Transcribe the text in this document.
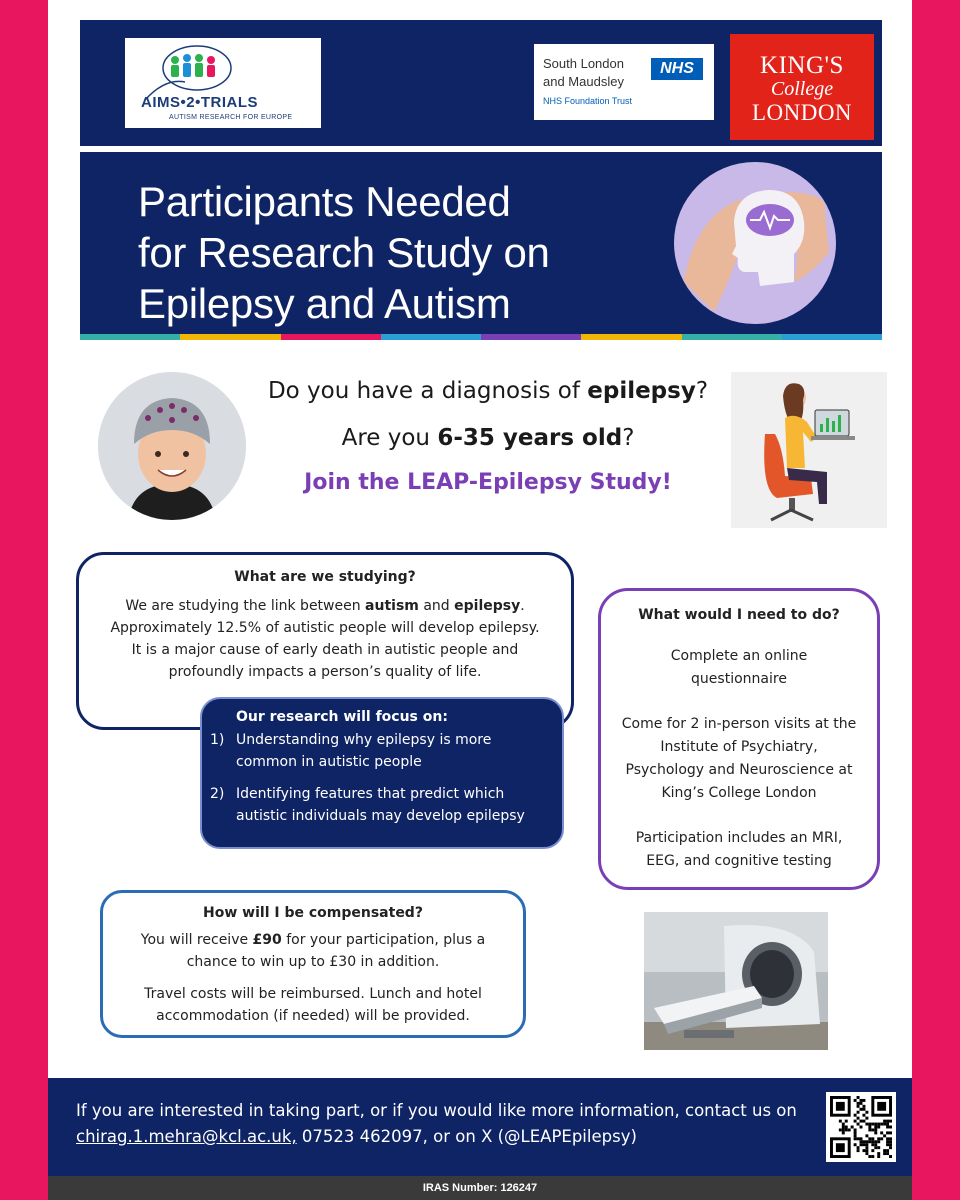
AIMS•2•TRIALS
AUTISM RESEARCH FOR EUROPE
South London
and Maudsley
NHS
NHS Foundation Trust
KING'S
College
LONDON
Participants Needed
for Research Study on
Epilepsy and Autism
Do you have a diagnosis of epilepsy?
Are you 6-35 years old?
Join the LEAP-Epilepsy Study!
What are we studying?
We are studying the link between autism and epilepsy.
Approximately 12.5% of autistic people will develop epilepsy.
It is a major cause of early death in autistic people and
profoundly impacts a person’s quality of life.
Our research will focus on:
1) Understanding why epilepsy is more common in autistic people
2) Identifying features that predict which autistic individuals may develop epilepsy
What would I need to do?

Complete an online questionnaire

Come for 2 in-person visits at the Institute of Psychiatry, Psychology and Neuroscience at King’s College London

Participation includes an MRI, EEG, and cognitive testing

How will I be compensated?

You will receive £90 for your participation, plus a chance to win up to £30 in addition.

Travel costs will be reimbursed. Lunch and hotel accommodation (if needed) will be provided.

If you are interested in taking part, or if you would like more information, contact us on chirag.1.mehra@kcl.ac.uk, 07523 462097, or on X (@LEAPEpilepsy)
IRAS Number: 126247
